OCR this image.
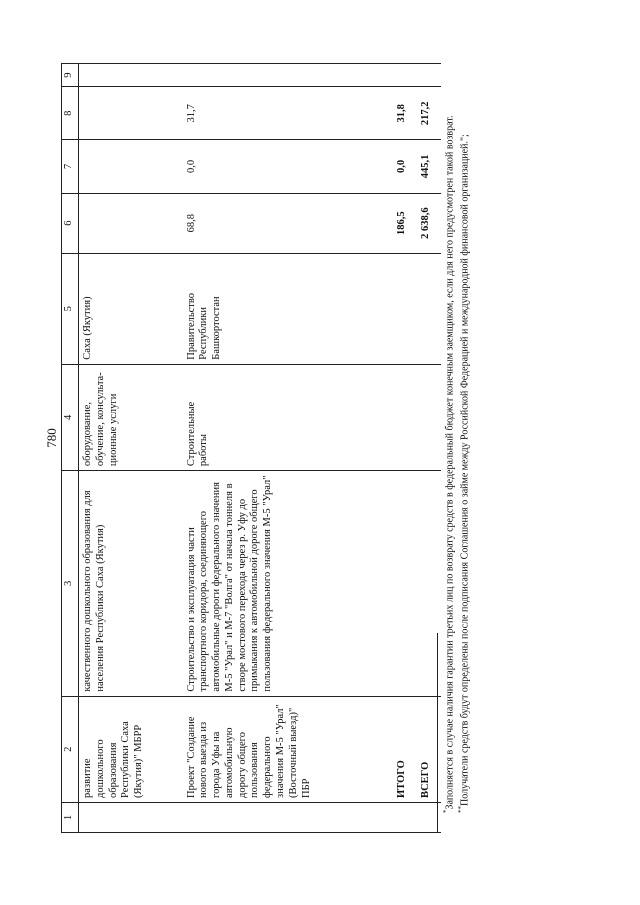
780
1	2	3	4	5	6	7	8	9
	развитие дошкольного образования Республики Саха (Якутия)" МБРР	качественного дошкольного образования для населения Республики Саха (Якутия)	оборудование, обучение, консульта-ционные услуги	Саха (Якутия)				
	Проект "Создание нового выезда из города Уфы на автомобильную дорогу общего пользования федерального значения М-5 "Урал" (Восточный выезд)" ПБР	Строительство и эксплуатация части транспортного коридора, соединяющего автомобильные дороги федерального значения М-5 "Урал" и М-7 "Волга" от начала тоннеля в створе мостового перехода через р. Уфу до примыкания к автомобильной дороге общего пользования федерального значения М-5 "Урал"	Строительные работы	Правительство Республики Башкортостан	68,8	0,0	31,7	
	ИТОГО				186,5	0,0	31,8	
	ВСЕГО				2 638,6	445,1	217,2	

*Заполняется в случае наличия гарантии третьих лиц по возврату средств в федеральный бюджет конечным заемщиком, если для него предусмотрен такой возврат. **Получатели средств будут определены после подписания Соглашения о займе между Российской Федерацией и международной финансовой организацией.";
